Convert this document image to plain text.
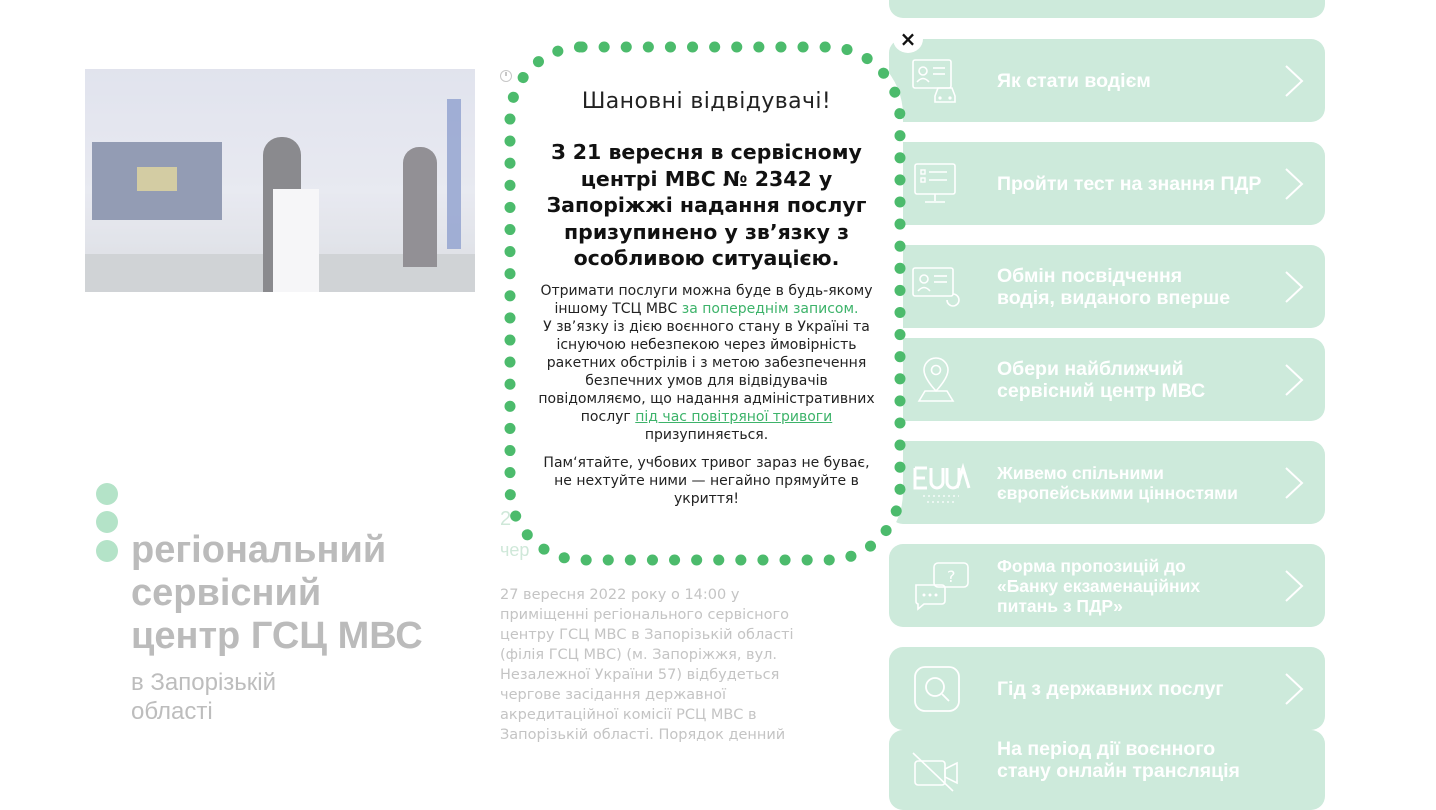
чер
2
27 вересня 2022 року о 14:00 у приміщенні регіонального сервісного центру ГСЦ МВС в Запорізькій області (філія ГСЦ МВС) (м. Запоріжжя, вул. Незалежної України 57) відбудеться чергове засідання державної акредитаційної комісії РСЦ МВС в Запорізькій області. Порядок денний
регіональний
сервісний
центр ГСЦ МВС
в Запорізькій
області
Як стати водієм
Пройти тест на знання ПДР
Обмін посвідчення
водія, виданого вперше
Обери найближчий
сервісний центр МВС
Живемо спільними
європейськими цінностями
?
Форма пропозицій до
«Банку екзаменаційних
питань з ПДР»
Гід з державних послуг
На період дії воєнного
стану онлайн трансляція
Шановні відвідувачі!
З 21 вересня в сервісному центрі МВС № 2342 у Запоріжжі надання послуг призупинено у зв’язку з особливою ситуацією.

Отримати послуги можна буде в будь-якому іншому ТСЦ МВС за попереднім записом.

У зв’язку із дією воєнного стану в Україні та існуючою небезпекою через ймовірність ракетних обстрілів і з метою забезпечення безпечних умов для відвідувачів повідомляємо, що надання адміністративних послуг під час повітряної тривоги призупиняється.

Пам‘ятайте, учбових тривог зараз не буває, не нехтуйте ними — негайно прямуйте в укриття!

×
